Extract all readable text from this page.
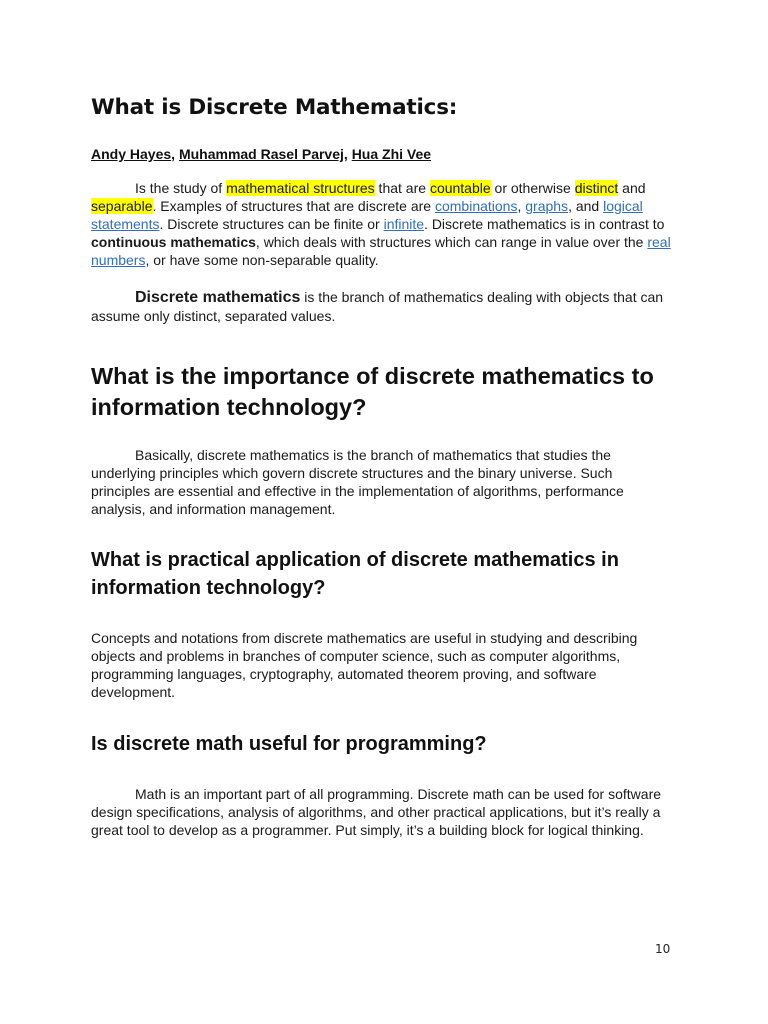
What is Discrete Mathematics:

Andy Hayes, Muhammad Rasel Parvej, Hua Zhi Vee

Is the study of mathematical structures that are countable or otherwise distinct and separable. Examples of structures that are discrete are combinations, graphs, and logical statements. Discrete structures can be finite or infinite. Discrete mathematics is in contrast to continuous mathematics, which deals with structures which can range in value over the real numbers, or have some non-separable quality.

Discrete mathematics is the branch of mathematics dealing with objects that can assume only distinct, separated values.

What is the importance of discrete mathematics to information technology?

Basically, discrete mathematics is the branch of mathematics that studies the underlying principles which govern discrete structures and the binary universe. Such principles are essential and effective in the implementation of algorithms, performance analysis, and information management.

What is practical application of discrete mathematics in information technology?

Concepts and notations from discrete mathematics are useful in studying and describing objects and problems in branches of computer science, such as computer algorithms, programming languages, cryptography, automated theorem proving, and software development.

Is discrete math useful for programming?

Math is an important part of all programming. Discrete math can be used for software design specifications, analysis of algorithms, and other practical applications, but it’s really a great tool to develop as a programmer. Put simply, it’s a building block for logical thinking.

10
